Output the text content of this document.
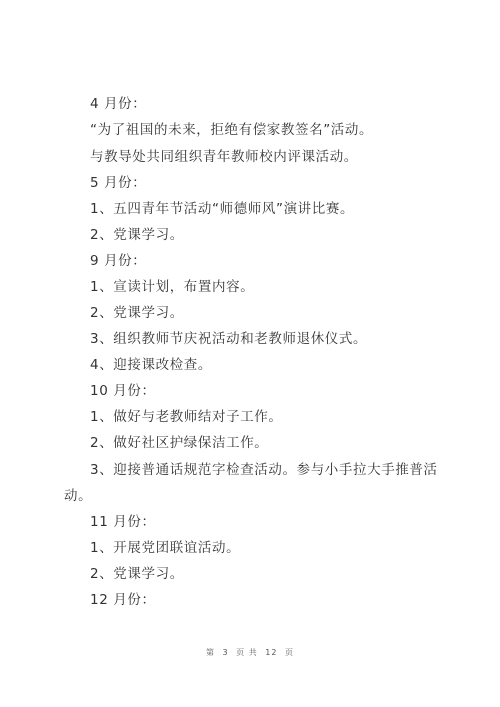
4 月份：
“为了祖国的未来，拒绝有偿家教签名”活动。
与教导处共同组织青年教师校内评课活动。
5 月份：
1、五四青年节活动“师德师风”演讲比赛。
2、党课学习。
9 月份：
1、宣读计划，布置内容。
2、党课学习。
3、组织教师节庆祝活动和老教师退休仪式。
4、迎接课改检查。
10 月份：
1、做好与老教师结对子工作。
2、做好社区护绿保洁工作。
3、迎接普通话规范字检查活动。参与小手拉大手推普活
动。
11 月份：
1、开展党团联谊活动。
2、党课学习。
12 月份：
第 3 页 共 12 页
